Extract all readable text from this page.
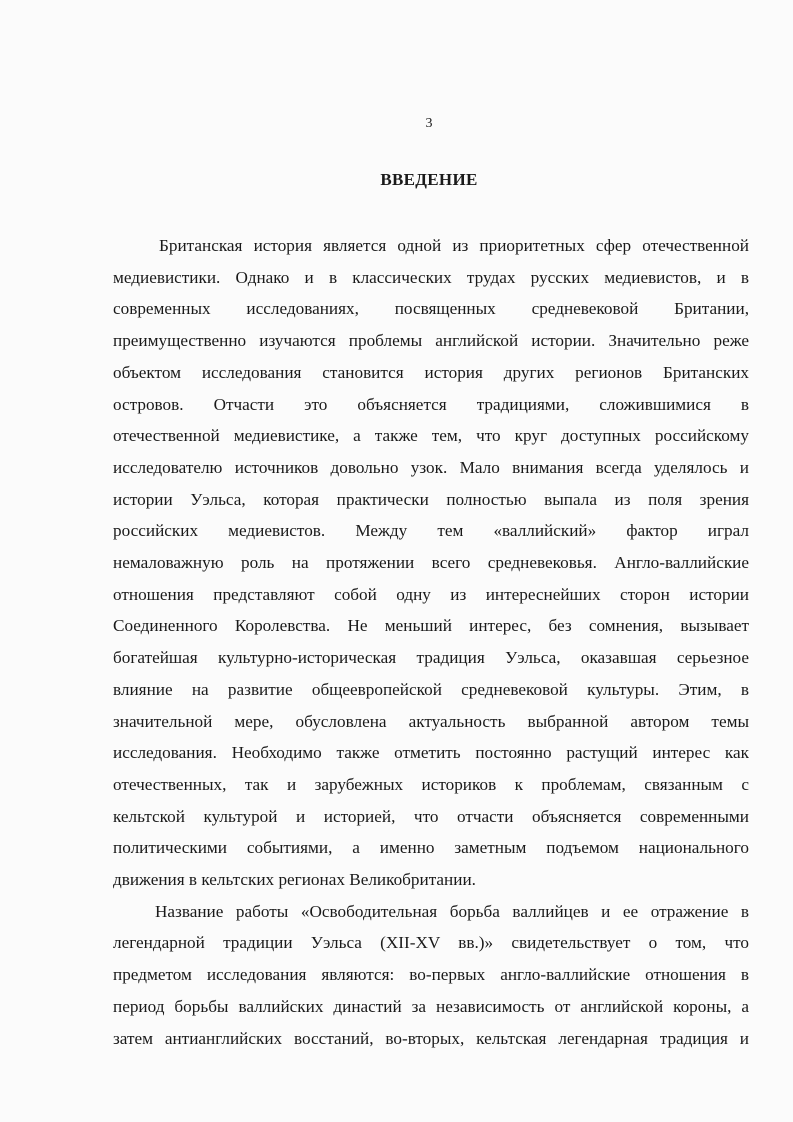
3
ВВЕДЕНИЕ
Британская история является одной из приоритетных сфер отечественной
медиевистики. Однако и в классических трудах русских медиевистов, и в
современных исследованиях, посвященных средневековой Британии,
преимущественно изучаются проблемы английской истории. Значительно реже
объектом исследования становится история других регионов Британских
островов. Отчасти это объясняется традициями, сложившимися в
отечественной медиевистике, а также тем, что круг доступных российскому
исследователю источников довольно узок. Мало внимания всегда уделялось и
истории Уэльса, которая практически полностью выпала из поля зрения
российских медиевистов. Между тем «валлийский» фактор играл
немаловажную роль на протяжении всего средневековья. Англо-валлийские
отношения представляют собой одну из интереснейших сторон истории
Соединенного Королевства. Не меньший интерес, без сомнения, вызывает
богатейшая культурно-историческая традиция Уэльса, оказавшая серьезное
влияние на развитие общеевропейской средневековой культуры. Этим, в
значительной мере, обусловлена актуальность выбранной автором темы
исследования. Необходимо также отметить постоянно растущий интерес как
отечественных, так и зарубежных историков к проблемам, связанным с
кельтской культурой и историей, что отчасти объясняется современными
политическими событиями, а именно заметным подъемом национального
движения в кельтских регионах Великобритании.
Название работы «Освободительная борьба валлийцев и ее отражение в
легендарной традиции Уэльса (XII-XV вв.)» свидетельствует о том, что
предметом исследования являются: во-первых англо-валлийские отношения в
период борьбы валлийских династий за независимость от английской короны, а
затем антианглийских восстаний, во-вторых, кельтская легендарная традиция и
